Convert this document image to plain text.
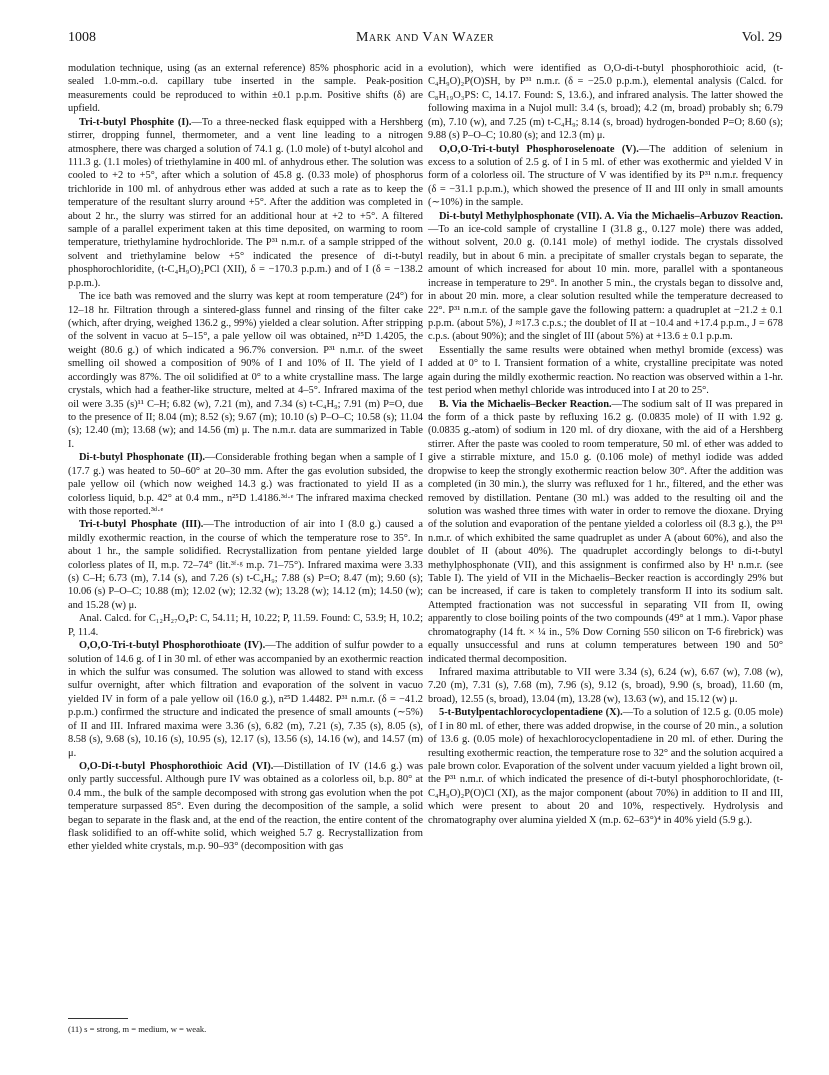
1008	Mark and Van Wazer	Vol. 29

modulation technique, using (as an external reference) 85% phosphoric acid in a sealed 1.0-mm.-o.d. capillary tube inserted in the sample. Peak-position measurements could be reproduced to within ±0.1 p.p.m. Positive shifts (δ) are upfield.

Tri-t-butyl Phosphite (I).—To a three-necked flask equipped with a Hershberg stirrer, dropping funnel, thermometer, and a vent line leading to a nitrogen atmosphere, there was charged a solution of 74.1 g. (1.0 mole) of t-butyl alcohol and 111.3 g. (1.1 moles) of triethylamine in 400 ml. of anhydrous ether. The solution was cooled to +2 to +5°, after which a solution of 45.8 g. (0.33 mole) of phosphorus trichloride in 100 ml. of anhydrous ether was added at such a rate as to keep the temperature of the resultant slurry around +5°. After the addition was completed in about 2 hr., the slurry was stirred for an additional hour at +2 to +5°. A filtered sample of a parallel experiment taken at this time deposited, on warming to room temperature, triethylamine hydrochloride. The P³¹ n.m.r. of a sample stripped of the solvent and triethylamine below +5° indicated the presence of di-t-butyl phosphorochloridite, (t-C₄H₉O)₂PCl (XII), δ = −170.3 p.p.m.) and of I (δ = −138.2 p.p.m.).

The ice bath was removed and the slurry was kept at room temperature (24°) for 12–18 hr. Filtration through a sintered-glass funnel and rinsing of the filter cake (which, after drying, weighed 136.2 g., 99%) yielded a clear solution. After stripping of the solvent in vacuo at 5–15°, a pale yellow oil was obtained, n²⁵D 1.4205, the weight (80.6 g.) of which indicated a 96.7% conversion. P³¹ n.m.r. of the sweet smelling oil showed a composition of 90% of I and 10% of II. The yield of I accordingly was 87%. The oil solidified at 0° to a white crystalline mass. The large crystals, which had a feather-like structure, melted at 4–5°. Infrared maxima of the oil were 3.35 (s)¹¹ C–H; 6.82 (w), 7.21 (m), and 7.34 (s) t-C₄H₉; 7.91 (m) P=O, due to the presence of II; 8.04 (m); 8.52 (s); 9.67 (m); 10.10 (s) P–O–C; 10.58 (s); 11.04 (s); 12.40 (m); 13.68 (w); and 14.56 (m) μ. The n.m.r. data are summarized in Table I.

Di-t-butyl Phosphonate (II).—Considerable frothing began when a sample of I (17.7 g.) was heated to 50–60° at 20–30 mm. After the gas evolution subsided, the pale yellow oil (which now weighed 14.3 g.) was fractionated to yield II as a colorless liquid, b.p. 42° at 0.4 mm., n²⁵D 1.4186.³ᵈ·ᵉ The infrared maxima checked with those reported.³ᵈ·ᵉ

Tri-t-butyl Phosphate (III).—The introduction of air into I (8.0 g.) caused a mildly exothermic reaction, in the course of which the temperature rose to 35°. In about 1 hr., the sample solidified. Recrystallization from pentane yielded large colorless plates of II, m.p. 72–74° (lit.³ᶠ·ᵍ m.p. 71–75°). Infrared maxima were 3.33 (s) C–H; 6.73 (m), 7.14 (s), and 7.26 (s) t-C₄H₉; 7.88 (s) P=O; 8.47 (m); 9.60 (s); 10.06 (s) P–O–C; 10.88 (m); 12.02 (w); 12.32 (w); 13.28 (w); 14.12 (m); 14.50 (w); and 15.28 (w) μ.

Anal. Calcd. for C₁₂H₂₇O₄P: C, 54.11; H, 10.22; P, 11.59. Found: C, 53.9; H, 10.2; P, 11.4.

O,O,O-Tri-t-butyl Phosphorothioate (IV).—The addition of sulfur powder to a solution of 14.6 g. of I in 30 ml. of ether was accompanied by an exothermic reaction in which the sulfur was consumed. The solution was allowed to stand with excess sulfur overnight, after which filtration and evaporation of the solvent in vacuo yielded IV in form of a pale yellow oil (16.0 g.), n²⁵D 1.4482. P³¹ n.m.r. (δ = −41.2 p.p.m.) confirmed the structure and indicated the presence of small amounts (∼5%) of II and III. Infrared maxima were 3.36 (s), 6.82 (m), 7.21 (s), 7.35 (s), 8.05 (s), 8.58 (s), 9.68 (s), 10.16 (s), 10.95 (s), 12.17 (s), 13.56 (s), 14.16 (w), and 14.57 (m) μ.

O,O-Di-t-butyl Phosphorothioic Acid (VI).—Distillation of IV (14.6 g.) was only partly successful. Although pure IV was obtained as a colorless oil, b.p. 80° at 0.4 mm., the bulk of the sample decomposed with strong gas evolution when the pot temperature surpassed 85°. Even during the decomposition of the sample, a solid began to separate in the flask and, at the end of the reaction, the entire content of the flask solidified to an off-white solid, which weighed 5.7 g. Recrystallization from ether yielded white crystals, m.p. 90–93° (decomposition with gas

evolution), which were identified as O,O-di-t-butyl phosphorothioic acid, (t-C₄H₉O)₂P(O)SH, by P³¹ n.m.r. (δ = −25.0 p.p.m.), elemental analysis (Calcd. for C₈H₁₉O₃PS: C, 14.17. Found: S, 13.6.), and infrared analysis. The latter showed the following maxima in a Nujol mull: 3.4 (s, broad); 4.2 (m, broad) probably sh; 6.79 (m), 7.10 (w), and 7.25 (m) t-C₄H₉; 8.14 (s, broad) hydrogen-bonded P=O; 8.60 (s); 9.88 (s) P–O–C; 10.80 (s); and 12.3 (m) μ.

O,O,O-Tri-t-butyl Phosphoroselenoate (V).—The addition of selenium in excess to a solution of 2.5 g. of I in 5 ml. of ether was exothermic and yielded V in form of a colorless oil. The structure of V was identified by its P³¹ n.m.r. frequency (δ = −31.1 p.p.m.), which showed the presence of II and III only in small amounts (∼10%) in the sample.

Di-t-butyl Methylphosphonate (VII). A. Via the Michaelis–Arbuzov Reaction.—To an ice-cold sample of crystalline I (31.8 g., 0.127 mole) there was added, without solvent, 20.0 g. (0.141 mole) of methyl iodide. The crystals dissolved readily, but in about 6 min. a precipitate of smaller crystals began to separate, the amount of which increased for about 10 min. more, parallel with a spontaneous increase in temperature to 29°. In another 5 min., the crystals began to dissolve and, in about 20 min. more, a clear solution resulted while the temperature decreased to 22°. P³¹ n.m.r. of the sample gave the following pattern: a quadruplet at −21.2 ± 0.1 p.p.m. (about 5%), J ≈17.3 c.p.s.; the doublet of II at −10.4 and +17.4 p.p.m., J = 678 c.p.s. (about 90%); and the singlet of III (about 5%) at +13.6 ± 0.1 p.p.m.

Essentially the same results were obtained when methyl bromide (excess) was added at 0° to I. Transient formation of a white, crystalline precipitate was noted again during the mildly exothermic reaction. No reaction was observed within a 1-hr. test period when methyl chloride was introduced into I at 20 to 25°.

B. Via the Michaelis–Becker Reaction.—The sodium salt of II was prepared in the form of a thick paste by refluxing 16.2 g. (0.0835 mole) of II with 1.92 g. (0.0835 g.-atom) of sodium in 120 ml. of dry dioxane, with the aid of a Hershberg stirrer. After the paste was cooled to room temperature, 50 ml. of ether was added to give a stirrable mixture, and 15.0 g. (0.106 mole) of methyl iodide was added dropwise to keep the strongly exothermic reaction below 30°. After the addition was completed (in 30 min.), the slurry was refluxed for 1 hr., filtered, and the ether was removed by distillation. Pentane (30 ml.) was added to the resulting oil and the solution was washed three times with water in order to remove the dioxane. Drying of the solution and evaporation of the pentane yielded a colorless oil (8.3 g.), the P³¹ n.m.r. of which exhibited the same quadruplet as under A (about 60%), and also the doublet of II (about 40%). The quadruplet accordingly belongs to di-t-butyl methylphosphonate (VII), and this assignment is confirmed also by H¹ n.m.r. (see Table I). The yield of VII in the Michaelis–Becker reaction is accordingly 29% but can be increased, if care is taken to completely transform II into its sodium salt. Attempted fractionation was not successful in separating VII from II, owing apparently to close boiling points of the two compounds (49° at 1 mm.). Vapor phase chromatography (14 ft. × ¼ in., 5% Dow Corning 550 silicon on T-6 firebrick) was equally unsuccessful and runs at column temperatures between 190 and 50° indicated thermal decomposition.

Infrared maxima attributable to VII were 3.34 (s), 6.24 (w), 6.67 (w), 7.08 (w), 7.20 (m), 7.31 (s), 7.68 (m), 7.96 (s), 9.12 (s, broad), 9.90 (s, broad), 11.60 (m, broad), 12.55 (s, broad), 13.04 (m), 13.28 (w), 13.63 (w), and 15.12 (w) μ.

5-t-Butylpentachlorocyclopentadiene (X).—To a solution of 12.5 g. (0.05 mole) of I in 80 ml. of ether, there was added dropwise, in the course of 20 min., a solution of 13.6 g. (0.05 mole) of hexachlorocyclopentadiene in 20 ml. of ether. During the resulting exothermic reaction, the temperature rose to 32° and the solution acquired a pale brown color. Evaporation of the solvent under vacuum yielded a light brown oil, the P³¹ n.m.r. of which indicated the presence of di-t-butyl phosphorochloridate, (t-C₄H₉O)₂P(O)Cl (XI), as the major component (about 70%) in addition to II and III, which were present to about 20 and 10%, respectively. Hydrolysis and chromatography over alumina yielded X (m.p. 62–63°)⁴ in 40% yield (5.9 g.).

(11) s = strong, m = medium, w = weak.
